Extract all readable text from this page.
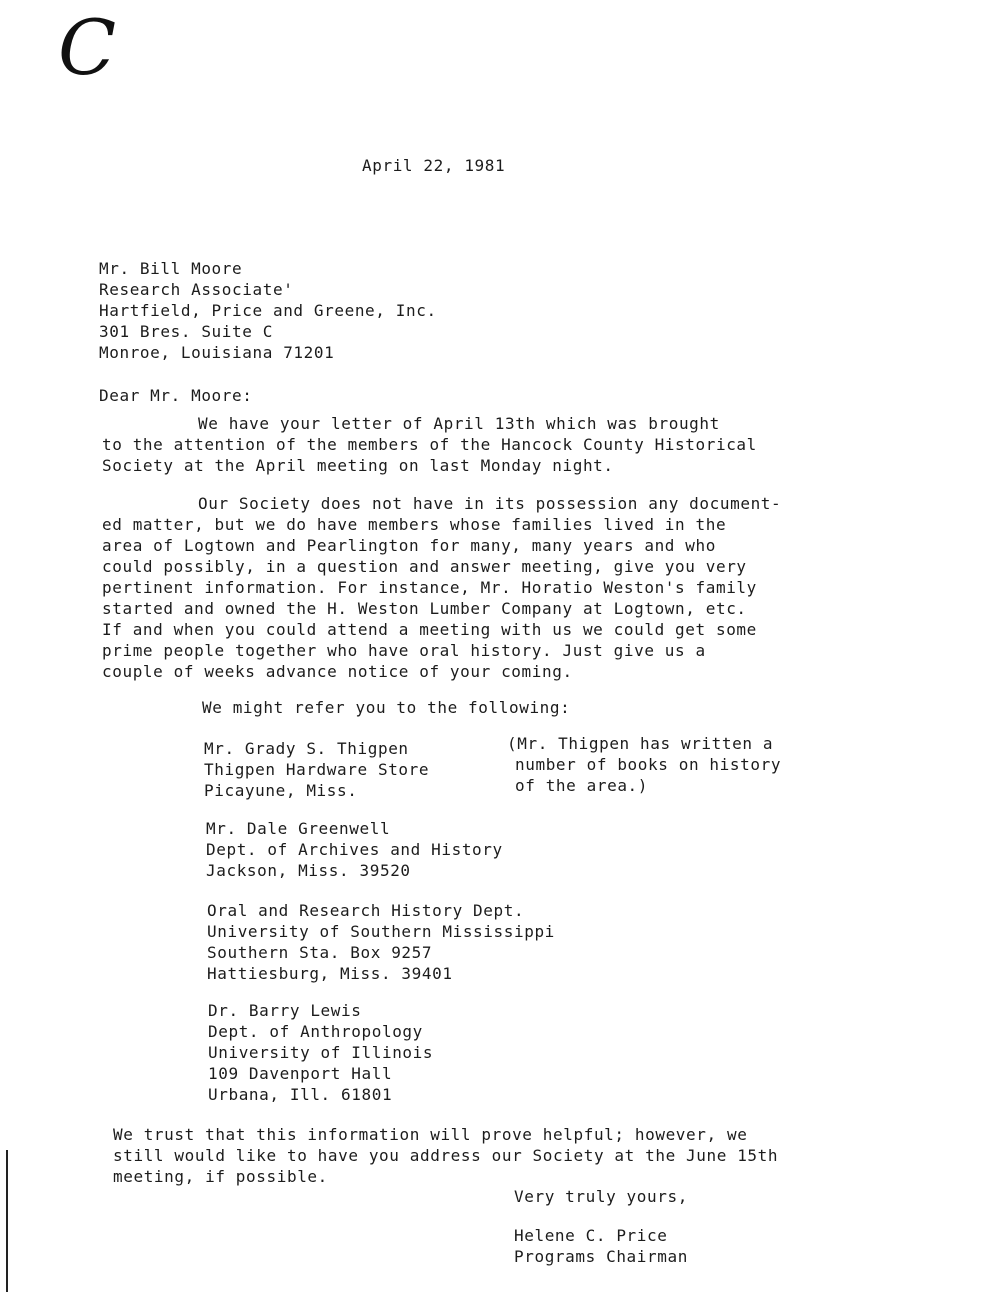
C
April 22, 1981
Mr. Bill Moore
Research Associate'
Hartfield, Price and Greene, Inc.
301 Bres. Suite C
Monroe, Louisiana 71201
Dear Mr. Moore:
We have your letter of April 13th which was brought
to the attention of the members of the Hancock County Historical
Society at the April meeting on last Monday night.
Our Society does not have in its possession any document-
ed matter, but we do have members whose families lived in the
area of Logtown and Pearlington for many, many years and who
could possibly, in a question and answer meeting, give you very
pertinent information. For instance, Mr. Horatio Weston's family
started and owned the H. Weston Lumber Company at Logtown, etc.
If and when you could attend a meeting with us we could get some
prime people together who have oral history. Just give us a
couple of weeks advance notice of your coming.
We might refer you to the following:
Mr. Grady S. Thigpen
Thigpen Hardware Store
Picayune, Miss.
(Mr. Thigpen has written a
number of books on history
of the area.)
Mr. Dale Greenwell
Dept. of Archives and History
Jackson, Miss. 39520
Oral and Research History Dept.
University of Southern Mississippi
Southern Sta. Box 9257
Hattiesburg, Miss. 39401
Dr. Barry Lewis
Dept. of Anthropology
University of Illinois
109 Davenport Hall
Urbana, Ill. 61801
We trust that this information will prove helpful; however, we
still would like to have you address our Society at the June 15th
meeting, if possible.
Very truly yours,
Helene C. Price
Programs Chairman
